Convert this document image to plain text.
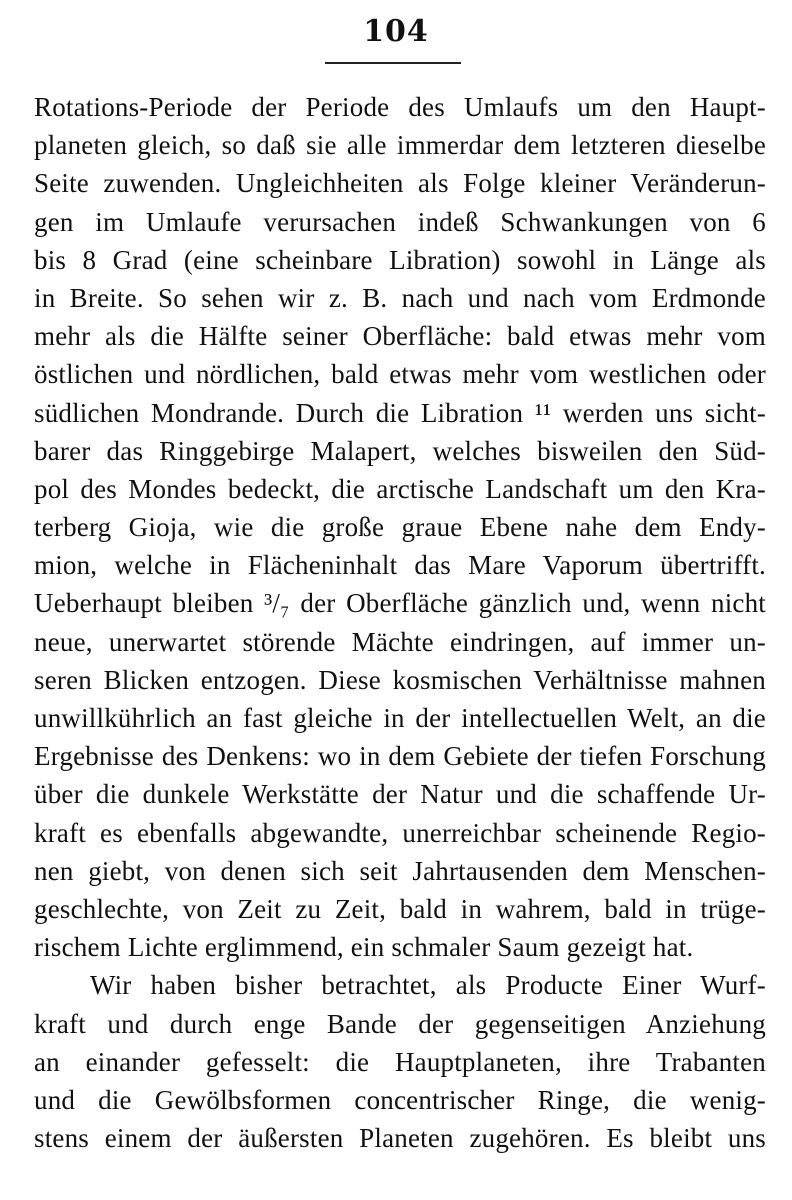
104
Rotations-Periode der Periode des Umlaufs um den Haupt-
planeten gleich, so daß sie alle immerdar dem letzteren dieselbe
Seite zuwenden. Ungleichheiten als Folge kleiner Veränderun-
gen im Umlaufe verursachen indeß Schwankungen von 6
bis 8 Grad (eine scheinbare Libration) sowohl in Länge als
in Breite. So sehen wir z. B. nach und nach vom Erdmonde
mehr als die Hälfte seiner Oberfläche: bald etwas mehr vom
östlichen und nördlichen, bald etwas mehr vom westlichen oder
südlichen Mondrande. Durch die Libration ¹¹ werden uns sicht-
barer das Ringgebirge Malapert, welches bisweilen den Süd-
pol des Mondes bedeckt, die arctische Landschaft um den Kra-
terberg Gioja, wie die große graue Ebene nahe dem Endy-
mion, welche in Flächeninhalt das Mare Vaporum übertrifft.
Ueberhaupt bleiben ³/₇ der Oberfläche gänzlich und, wenn nicht
neue, unerwartet störende Mächte eindringen, auf immer un-
seren Blicken entzogen. Diese kosmischen Verhältnisse mahnen
unwillkührlich an fast gleiche in der intellectuellen Welt, an die
Ergebnisse des Denkens: wo in dem Gebiete der tiefen Forschung
über die dunkele Werkstätte der Natur und die schaffende Ur-
kraft es ebenfalls abgewandte, unerreichbar scheinende Regio-
nen giebt, von denen sich seit Jahrtausenden dem Menschen-
geschlechte, von Zeit zu Zeit, bald in wahrem, bald in trüge-
rischem Lichte erglimmend, ein schmaler Saum gezeigt hat.
Wir haben bisher betrachtet, als Producte Einer Wurf-
kraft und durch enge Bande der gegenseitigen Anziehung
an einander gefesselt: die Hauptplaneten, ihre Trabanten
und die Gewölbsformen concentrischer Ringe, die wenig-
stens einem der äußersten Planeten zugehören. Es bleibt uns
